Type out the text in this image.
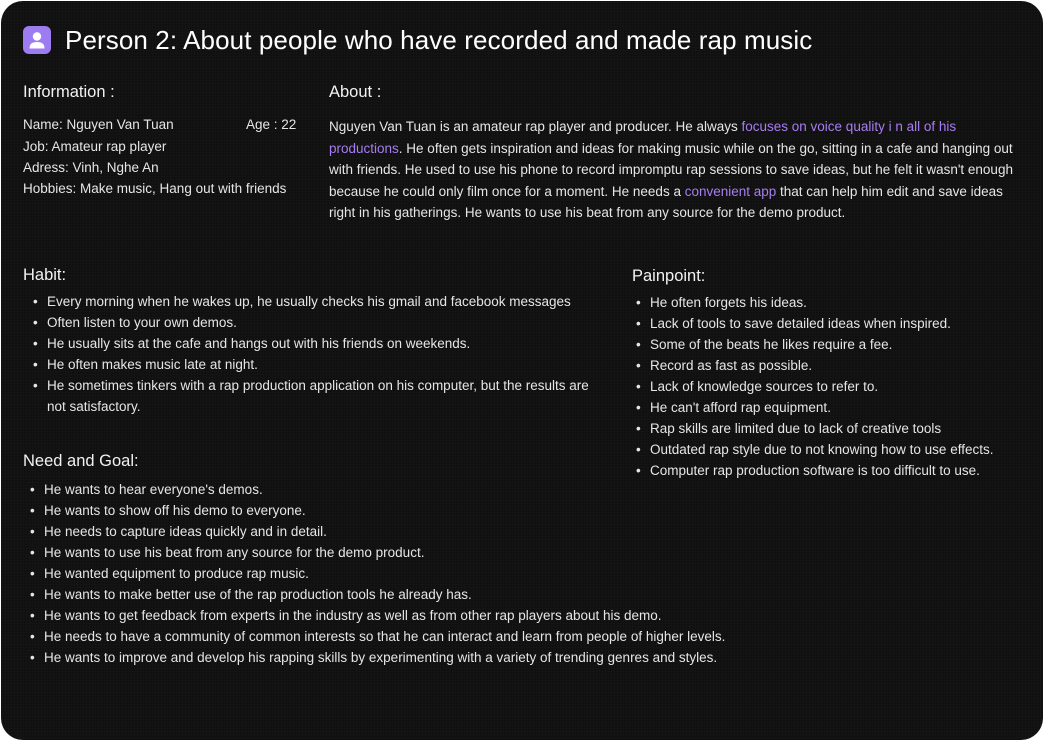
Person 2: About people who have recorded and made rap music
Information :
Name: Nguyen Van Tuan	Age : 22
Job: Amateur rap player
Adress: Vinh, Nghe An
Hobbies: Make music, Hang out with friends
About :
Nguyen Van Tuan is an amateur rap player and producer. He always focuses on voice quality i n all of his productions. He often gets inspiration and ideas for making music while on the go, sitting in a cafe and hanging out with friends. He used to use his phone to record impromptu rap sessions to save ideas, but he felt it wasn't enough because he could only film once for a moment. He needs a convenient app that can help him edit and save ideas right in his gatherings. He wants to use his beat from any source for the demo product.
Habit:
• Every morning when he wakes up, he usually checks his gmail and facebook messages
• Often listen to your own demos.
• He usually sits at the cafe and hangs out with his friends on weekends.
• He often makes music late at night.
• He sometimes tinkers with a rap production application on his computer, but the results are not satisfactory.
Need and Goal:
• He wants to hear everyone's demos.
• He wants to show off his demo to everyone.
• He needs to capture ideas quickly and in detail.
• He wants to use his beat from any source for the demo product.
• He wanted equipment to produce rap music.
• He wants to make better use of the rap production tools he already has.
• He wants to get feedback from experts in the industry as well as from other rap players about his demo.
• He needs to have a community of common interests so that he can interact and learn from people of higher levels.
• He wants to improve and develop his rapping skills by experimenting with a variety of trending genres and styles.
Painpoint:
• He often forgets his ideas.
• Lack of tools to save detailed ideas when inspired.
• Some of the beats he likes require a fee.
• Record as fast as possible.
• Lack of knowledge sources to refer to.
• He can't afford rap equipment.
• Rap skills are limited due to lack of creative tools
• Outdated rap style due to not knowing how to use effects.
• Computer rap production software is too difficult to use.
